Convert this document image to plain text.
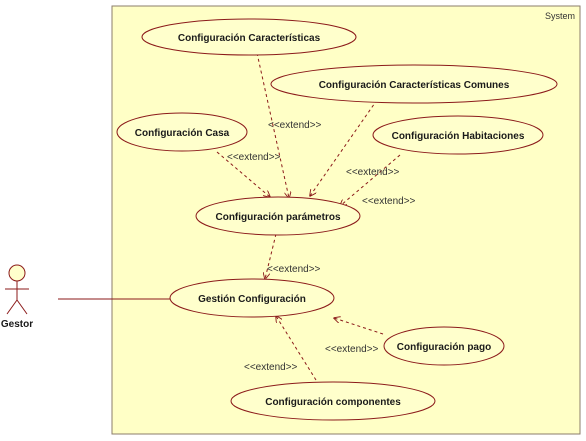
System
Gestor
<<extend>>
<<extend>>
<<extend>>
<<extend>>
<<extend>>
<<extend>>
<<extend>>
Configuración Características
Configuración Características Comunes
Configuración Casa	Configuración Habitaciones
Configuración parámetros
Gestión Configuración
Configuración pago
Configuración componentes
